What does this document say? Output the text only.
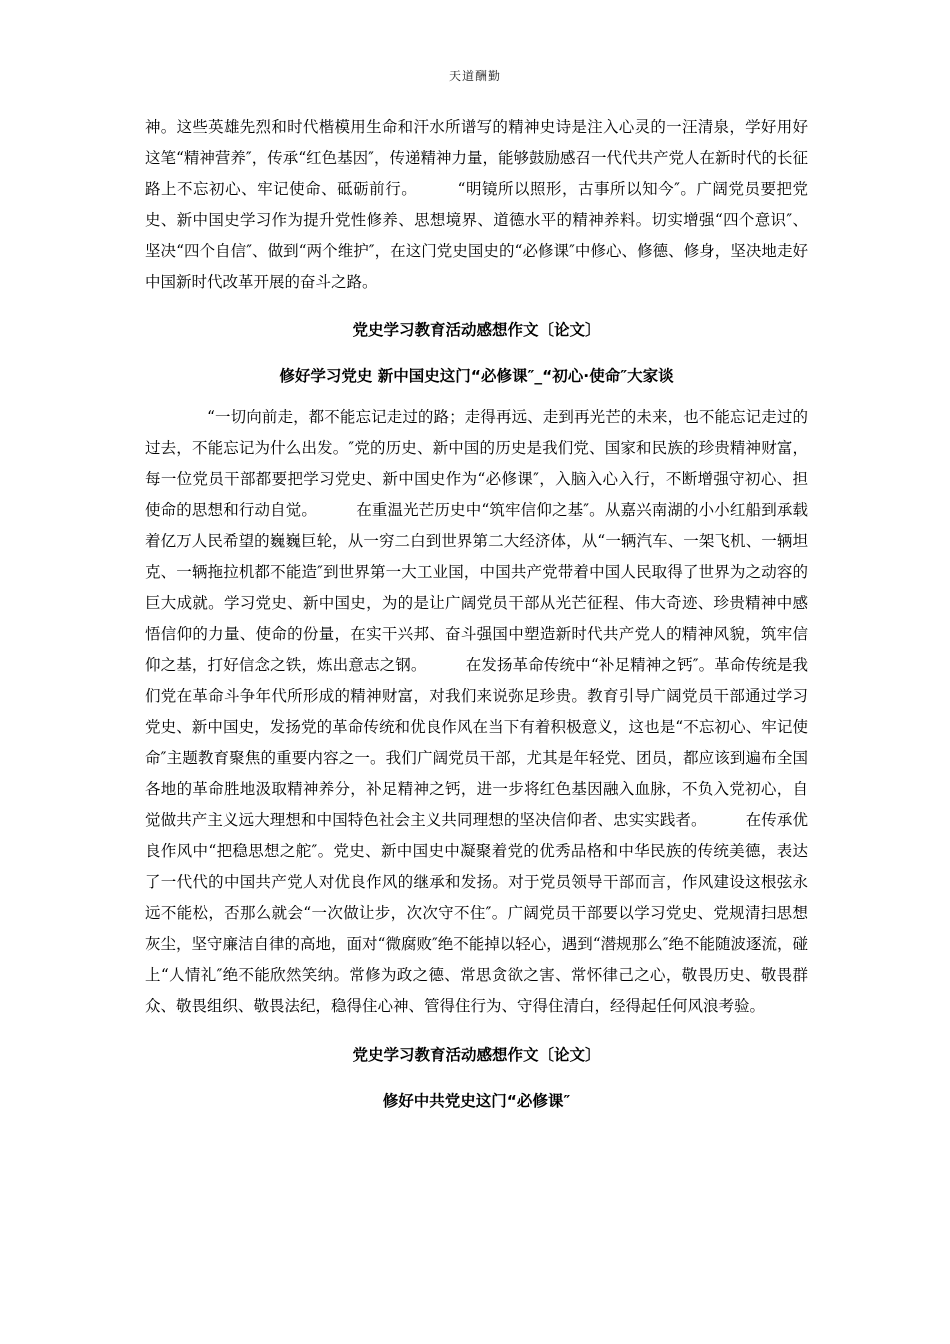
天道酬勤

神。这些英雄先烈和时代楷模用生命和汗水所谱写的精神史诗是注入心灵的一汪清泉，学好用好这笔“精神营养″，传承“红色基因″，传递精神力量，能够鼓励感召一代代共产党人在新时代的长征路上不忘初心、牢记使命、砥砺前行。　　　“明镜所以照形，古事所以知今″。广阔党员要把党史、新中国史学习作为提升党性修养、思想境界、道德水平的精神养料。切实增强“四个意识″、坚决“四个自信″、做到“两个维护″，在这门党史国史的“必修课″中修心、修德、修身，坚决地走好中国新时代改革开展的奋斗之路。

党史学习教育活动感想作文〔论文〕

修好学习党史 新中国史这门“必修课″_“初心·使命″大家谈

“一切向前走，都不能忘记走过的路；走得再远、走到再光芒的未来，也不能忘记走过的过去，不能忘记为什么出发。″党的历史、新中国的历史是我们党、国家和民族的珍贵精神财富，每一位党员干部都要把学习党史、新中国史作为“必修课″，入脑入心入行，不断增强守初心、担使命的思想和行动自觉。　　　在重温光芒历史中“筑牢信仰之基″。从嘉兴南湖的小小红船到承载着亿万人民希望的巍巍巨轮，从一穷二白到世界第二大经济体，从“一辆汽车、一架飞机、一辆坦克、一辆拖拉机都不能造″到世界第一大工业国，中国共产党带着中国人民取得了世界为之动容的巨大成就。学习党史、新中国史，为的是让广阔党员干部从光芒征程、伟大奇迹、珍贵精神中感悟信仰的力量、使命的份量，在实干兴邦、奋斗强国中塑造新时代共产党人的精神风貌，筑牢信仰之基，打好信念之铁，炼出意志之钢。　　　在发扬革命传统中“补足精神之钙″。革命传统是我们党在革命斗争年代所形成的精神财富，对我们来说弥足珍贵。教育引导广阔党员干部通过学习党史、新中国史，发扬党的革命传统和优良作风在当下有着积极意义，这也是“不忘初心、牢记使命″主题教育聚焦的重要内容之一。我们广阔党员干部，尤其是年轻党、团员，都应该到遍布全国各地的革命胜地汲取精神养分，补足精神之钙，进一步将红色基因融入血脉，不负入党初心，自觉做共产主义远大理想和中国特色社会主义共同理想的坚决信仰者、忠实实践者。　　　在传承优良作风中“把稳思想之舵″。党史、新中国史中凝聚着党的优秀品格和中华民族的传统美德，表达了一代代的中国共产党人对优良作风的继承和发扬。对于党员领导干部而言，作风建设这根弦永远不能松，否那么就会“一次做让步，次次守不住″。广阔党员干部要以学习党史、党规清扫思想灰尘，坚守廉洁自律的高地，面对“微腐败″绝不能掉以轻心，遇到“潜规那么″绝不能随波逐流，碰上“人情礼″绝不能欣然笑纳。常修为政之德、常思贪欲之害、常怀律己之心，敬畏历史、敬畏群众、敬畏组织、敬畏法纪，稳得住心神、管得住行为、守得住清白，经得起任何风浪考验。

党史学习教育活动感想作文〔论文〕

修好中共党史这门“必修课″
